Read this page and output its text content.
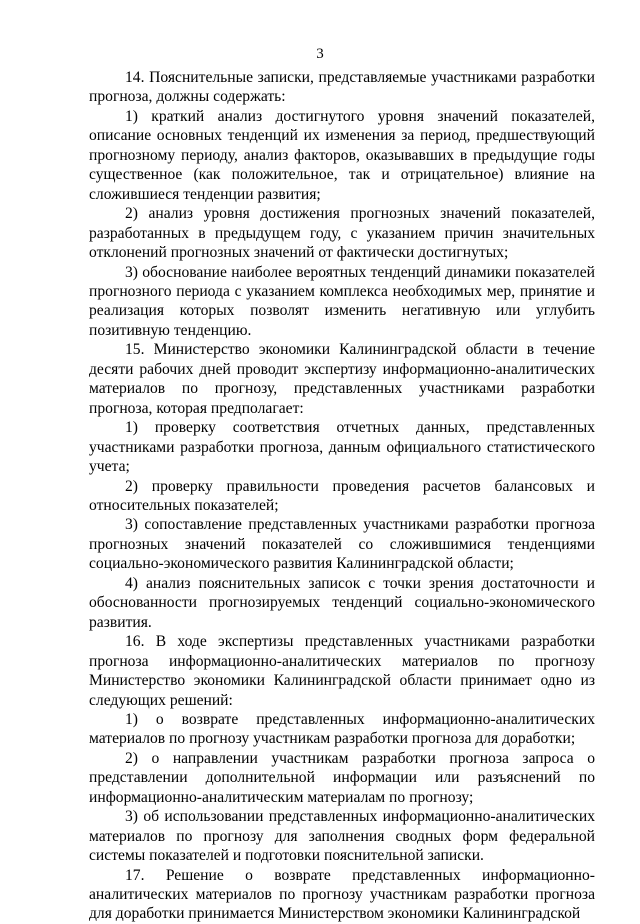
3

14. Пояснительные записки, представляемые участниками разработки прогноза, должны содержать:

1) краткий анализ достигнутого уровня значений показателей, описание основных тенденций их изменения за период, предшествующий прогнозному периоду, анализ факторов, оказывавших в предыдущие годы существенное (как положительное, так и отрицательное) влияние на сложившиеся тенденции развития;

2) анализ уровня достижения прогнозных значений показателей, разработанных в предыдущем году, с указанием причин значительных отклонений прогнозных значений от фактически достигнутых;

3) обоснование наиболее вероятных тенденций динамики показателей прогнозного периода с указанием комплекса необходимых мер, принятие и реализация которых позволят изменить негативную или углубить позитивную тенденцию.

15. Министерство экономики Калининградской области в течение десяти рабочих дней проводит экспертизу информационно-аналитических материалов по прогнозу, представленных участниками разработки прогноза, которая предполагает:

1) проверку соответствия отчетных данных, представленных участниками разработки прогноза, данным официального статистического учета;

2) проверку правильности проведения расчетов балансовых и относительных показателей;

3) сопоставление представленных участниками разработки прогноза прогнозных значений показателей со сложившимися тенденциями социально-экономического развития Калининградской области;

4) анализ пояснительных записок с точки зрения достаточности и обоснованности прогнозируемых тенденций социально-экономического развития.

16. В ходе экспертизы представленных участниками разработки прогноза информационно-аналитических материалов по прогнозу Министерство экономики Калининградской области принимает одно из следующих решений:

1) о возврате представленных информационно-аналитических материалов по прогнозу участникам разработки прогноза для доработки;

2) о направлении участникам разработки прогноза запроса о представлении дополнительной информации или разъяснений по информационно-аналитическим материалам по прогнозу;

3) об использовании представленных информационно-аналитических материалов по прогнозу для заполнения сводных форм федеральной системы показателей и подготовки пояснительной записки.

17. Решение о возврате представленных информационно-аналитических материалов по прогнозу участникам разработки прогноза для доработки принимается Министерством экономики Калининградской
